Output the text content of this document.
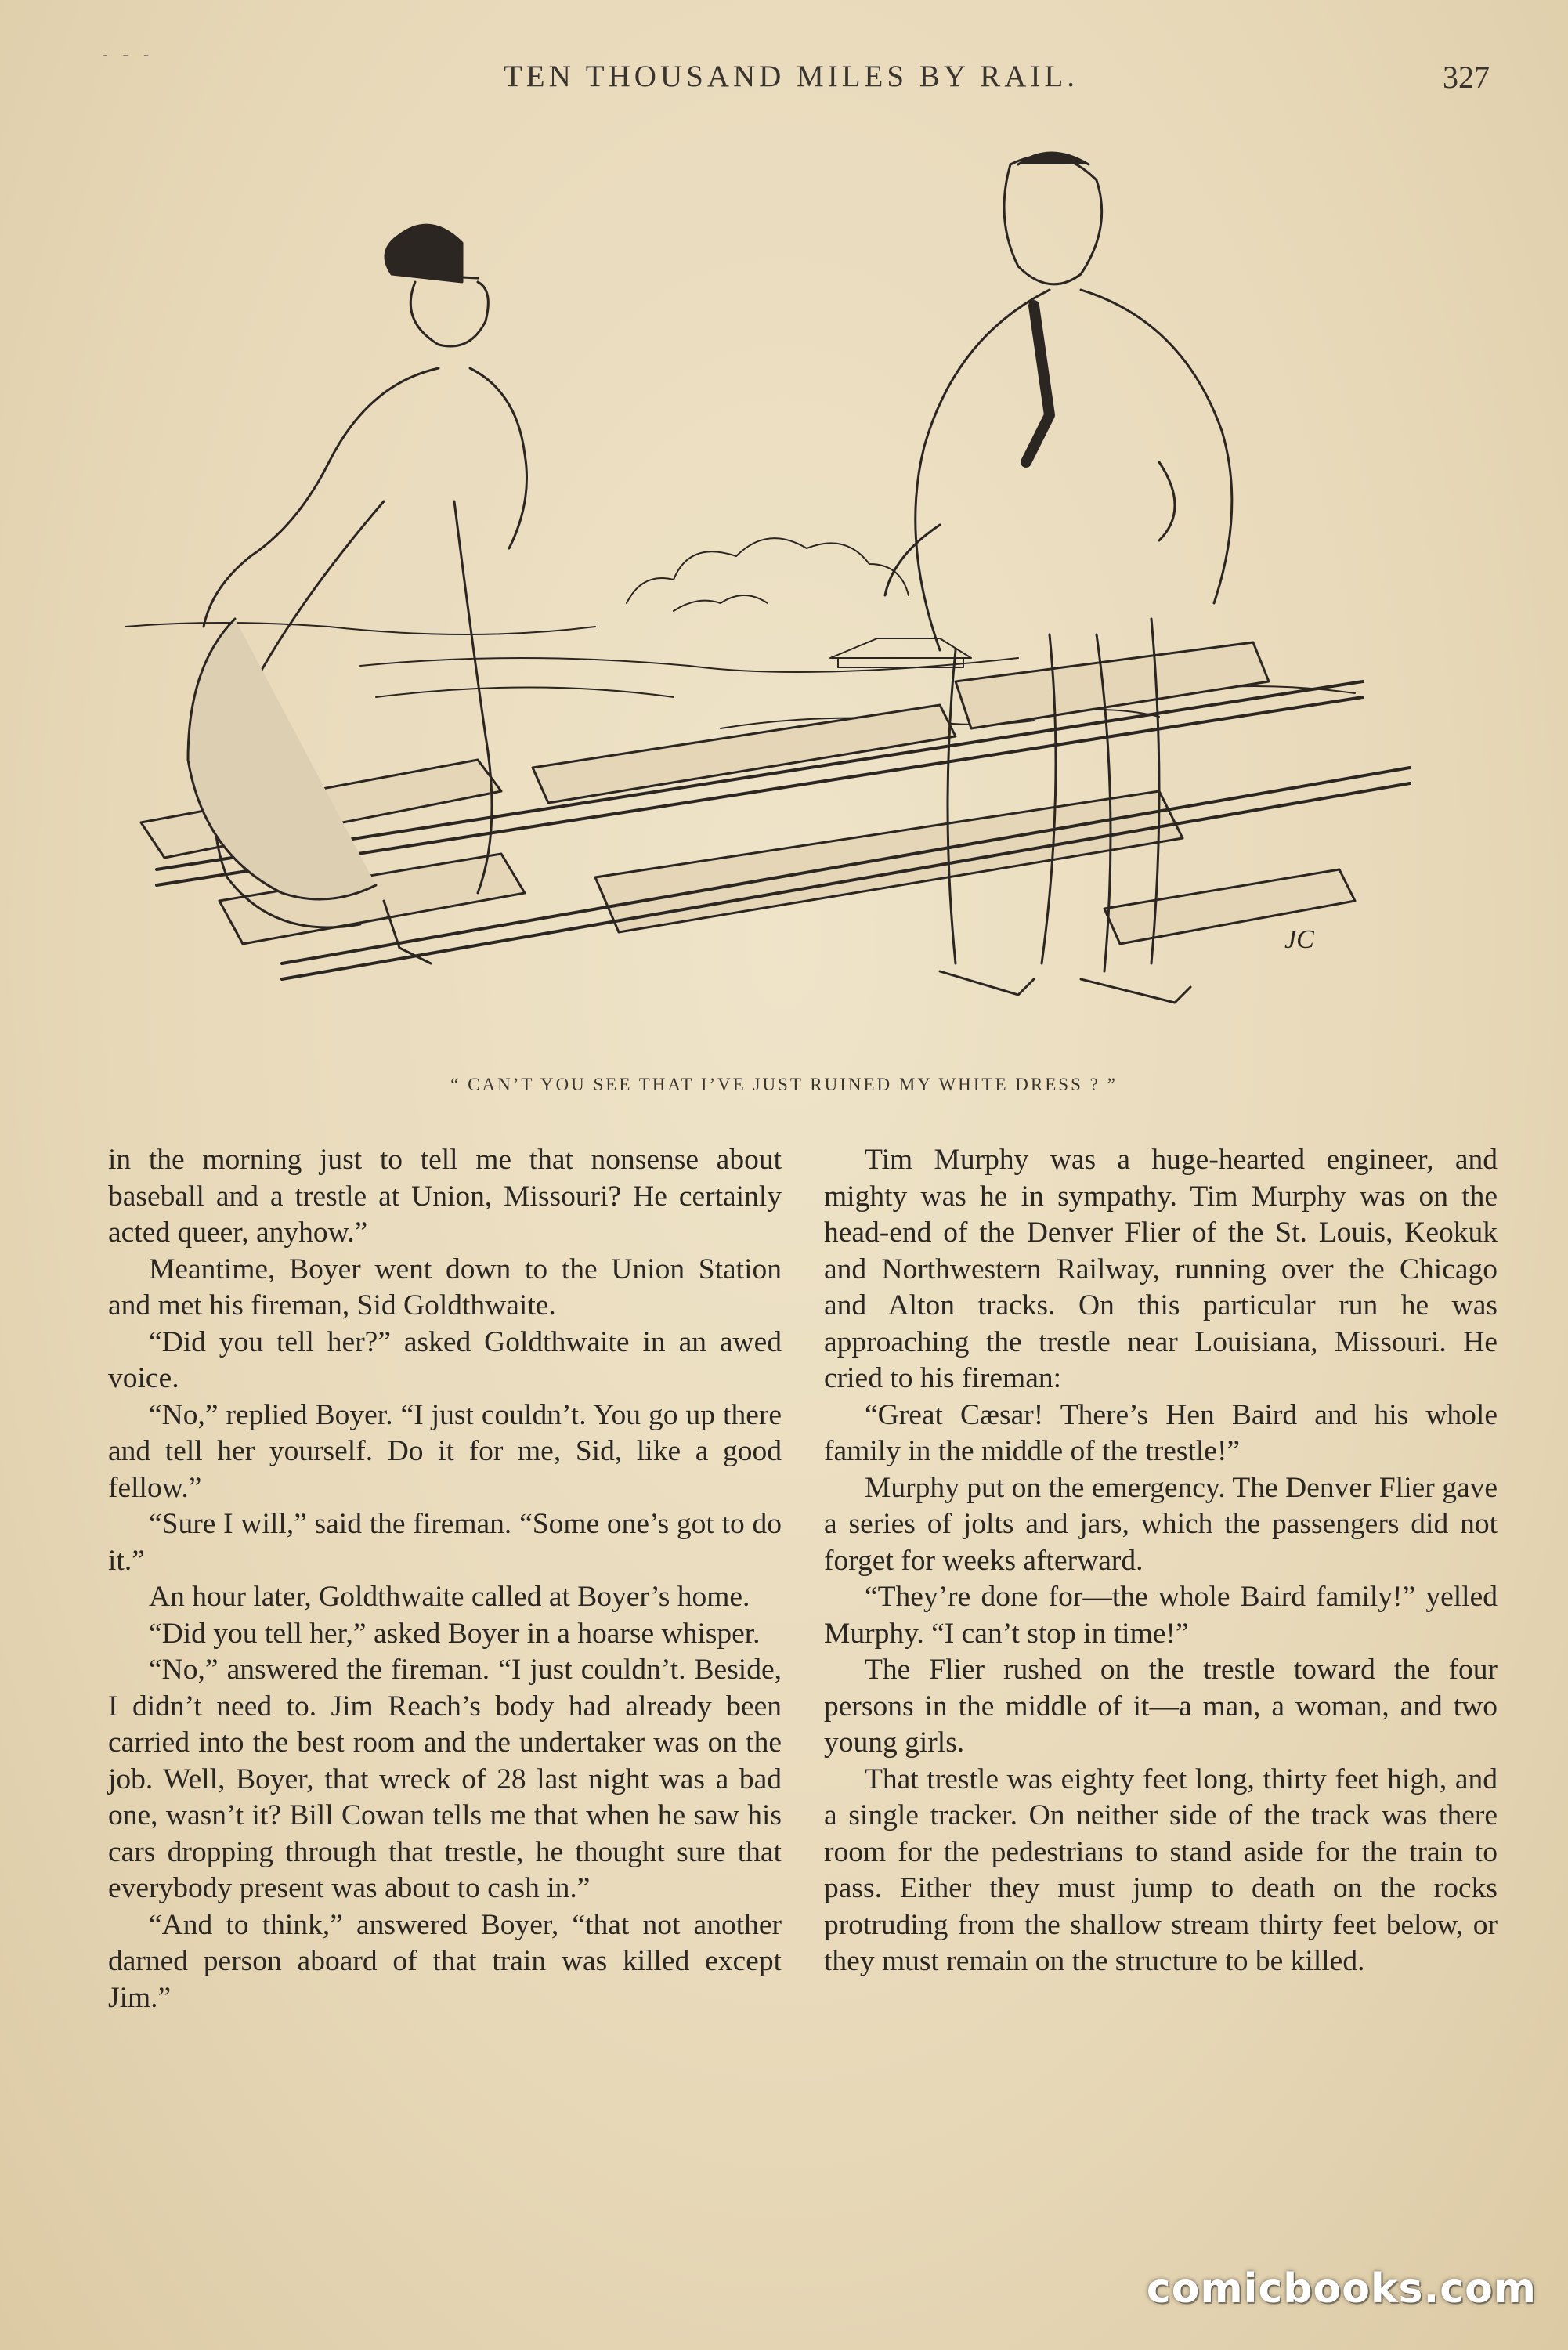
- - -
TEN THOUSAND MILES BY RAIL.	327
JC
“ CAN’T YOU SEE THAT I’VE JUST RUINED MY WHITE DRESS ? ”

in the morning just to tell me that nonsense about baseball and a trestle at Union, Missouri? He certainly acted queer, anyhow.”

Meantime, Boyer went down to the Union Station and met his fireman, Sid Goldthwaite.

“Did you tell her?” asked Goldthwaite in an awed voice.

“No,” replied Boyer. “I just couldn’t. You go up there and tell her yourself. Do it for me, Sid, like a good fellow.”

“Sure I will,” said the fireman. “Some one’s got to do it.”

An hour later, Goldthwaite called at Boyer’s home.

“Did you tell her,” asked Boyer in a hoarse whisper.

“No,” answered the fireman. “I just couldn’t. Beside, I didn’t need to. Jim Reach’s body had already been carried into the best room and the undertaker was on the job. Well, Boyer, that wreck of 28 last night was a bad one, wasn’t it? Bill Cowan tells me that when he saw his cars dropping through that trestle, he thought sure that everybody present was about to cash in.”

“And to think,” answered Boyer, “that not another darned person aboard of that train was killed except Jim.”

Tim Murphy was a huge-hearted engineer, and mighty was he in sympathy. Tim Murphy was on the head-end of the Denver Flier of the St. Louis, Keokuk and Northwestern Railway, running over the Chicago and Alton tracks. On this particular run he was approaching the trestle near Louisiana, Missouri. He cried to his fireman:

“Great Cæsar! There’s Hen Baird and his whole family in the middle of the trestle!”

Murphy put on the emergency. The Denver Flier gave a series of jolts and jars, which the passengers did not forget for weeks afterward.

“They’re done for—the whole Baird family!” yelled Murphy. “I can’t stop in time!”

The Flier rushed on the trestle toward the four persons in the middle of it—a man, a woman, and two young girls.

That trestle was eighty feet long, thirty feet high, and a single tracker. On neither side of the track was there room for the pedestrians to stand aside for the train to pass. Either they must jump to death on the rocks protruding from the shallow stream thirty feet below, or they must remain on the structure to be killed.

comicbooks.com
